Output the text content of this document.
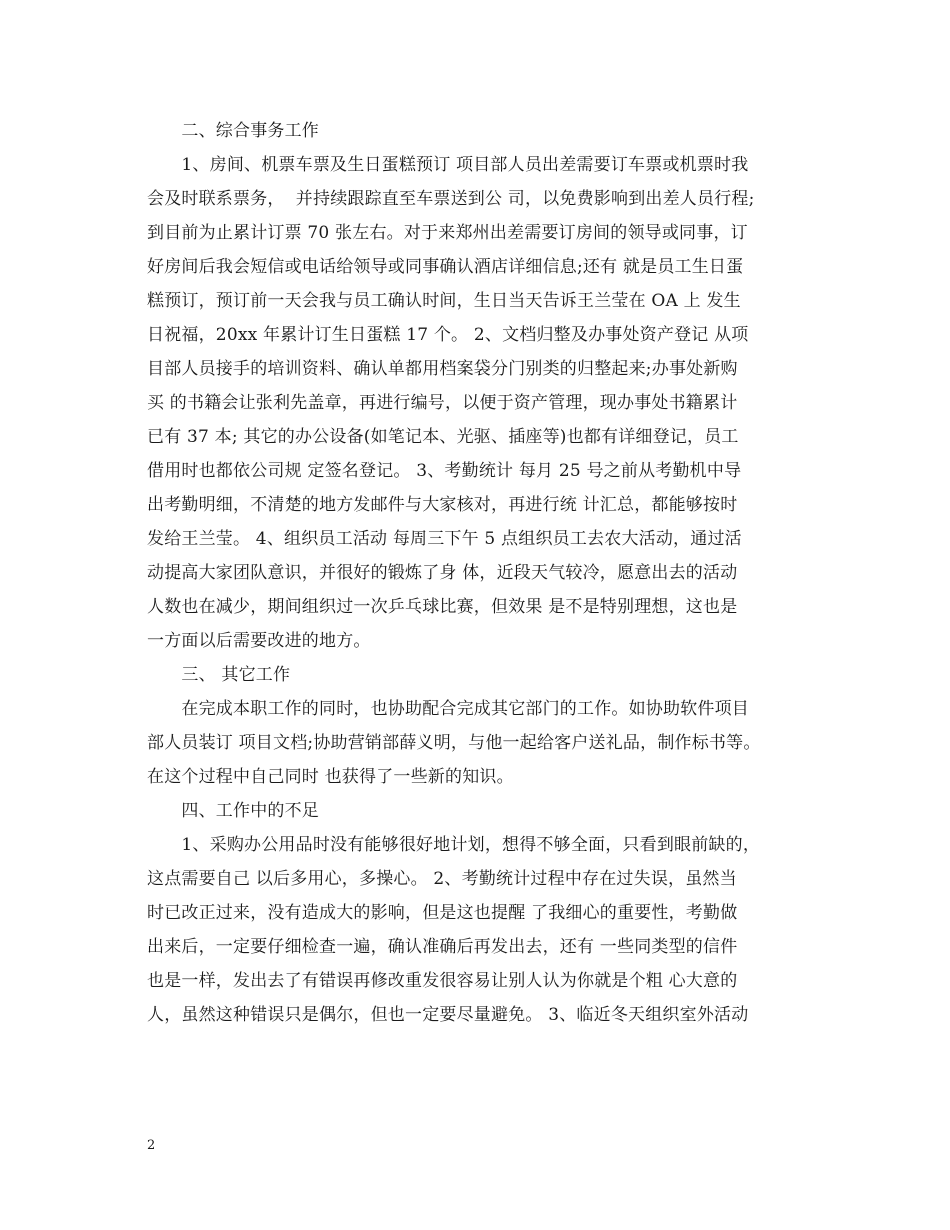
　　二、综合事务工作
　　1、房间、机票车票及生日蛋糕预订 项目部人员出差需要订车票或机票时我
会及时联系票务，  并持续跟踪直至车票送到公 司，以免费影响到出差人员行程;
到目前为止累计订票 70 张左右。对于来郑州出差需要订房间的领导或同事，订
好房间后我会短信或电话给领导或同事确认酒店详细信息;还有 就是员工生日蛋
糕预订，预订前一天会我与员工确认时间，生日当天告诉王兰莹在 OA 上 发生
日祝福，20xx 年累计订生日蛋糕 17 个。 2、文档归整及办事处资产登记 从项
目部人员接手的培训资料、确认单都用档案袋分门别类的归整起来;办事处新购
买 的书籍会让张利先盖章，再进行编号，以便于资产管理，现办事处书籍累计
已有 37 本; 其它的办公设备(如笔记本、光驱、插座等)也都有详细登记，员工
借用时也都依公司规 定签名登记。 3、考勤统计 每月 25 号之前从考勤机中导
出考勤明细，不清楚的地方发邮件与大家核对，再进行统 计汇总，都能够按时
发给王兰莹。 4、组织员工活动 每周三下午 5 点组织员工去农大活动，通过活
动提高大家团队意识，并很好的锻炼了身 体，近段天气较冷，愿意出去的活动
人数也在减少，期间组织过一次乒乓球比赛，但效果 是不是特别理想，这也是
一方面以后需要改进的地方。
　　三、 其它工作
　　在完成本职工作的同时，也协助配合完成其它部门的工作。如协助软件项目
部人员装订 项目文档;协助营销部薛义明，与他一起给客户送礼品，制作标书等。
在这个过程中自己同时 也获得了一些新的知识。
　　四、工作中的不足
　　1、采购办公用品时没有能够很好地计划，想得不够全面，只看到眼前缺的，
这点需要自己 以后多用心，多操心。 2、考勤统计过程中存在过失误，虽然当
时已改正过来，没有造成大的影响，但是这也提醒 了我细心的重要性，考勤做
出来后，一定要仔细检查一遍，确认准确后再发出去，还有 一些同类型的信件
也是一样，发出去了有错误再修改重发很容易让别人认为你就是个粗 心大意的
人，虽然这种错误只是偶尔，但也一定要尽量避免。 3、临近冬天组织室外活动
2
